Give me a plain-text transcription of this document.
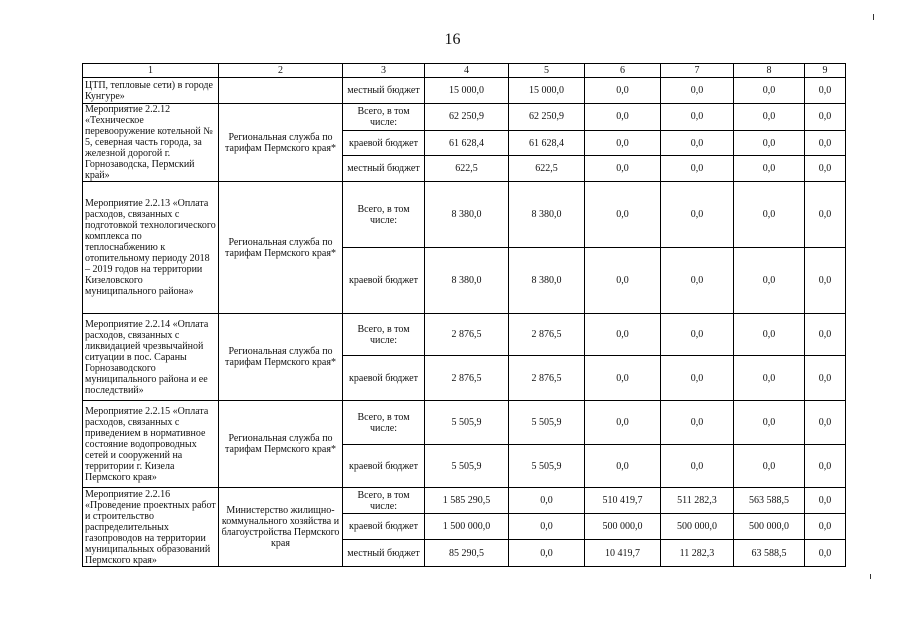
16
1	2	3	4	5	6	7	8	9
ЦТП, тепловые сети) в городе Кунгуре»		местный бюджет	15 000,0	15 000,0	0,0	0,0	0,0	0,0
Мероприятие 2.2.12 «Техническое перевооружение котельной № 5, северная часть города, за железной дорогой г. Горнозаводска, Пермский край»	Региональная служба по тарифам Пермского края*	Всего, в том числе:	62 250,9	62 250,9	0,0	0,0	0,0	0,0
		краевой бюджет	61 628,4	61 628,4	0,0	0,0	0,0	0,0
		местный бюджет	622,5	622,5	0,0	0,0	0,0	0,0
Мероприятие 2.2.13 «Оплата расходов, связанных с подготовкой технологического комплекса по теплоснабжению к отопительному периоду 2018 – 2019 годов на территории Кизеловского муниципального района»	Региональная служба по тарифам Пермского края*	Всего, в том числе:	8 380,0	8 380,0	0,0	0,0	0,0	0,0
		краевой бюджет	8 380,0	8 380,0	0,0	0,0	0,0	0,0
Мероприятие 2.2.14 «Оплата расходов, связанных с ликвидацией чрезвычайной ситуации в пос. Сараны Горнозаводского муниципального района и ее последствий»	Региональная служба по тарифам Пермского края*	Всего, в том числе:	2 876,5	2 876,5	0,0	0,0	0,0	0,0
		краевой бюджет	2 876,5	2 876,5	0,0	0,0	0,0	0,0
Мероприятие 2.2.15 «Оплата расходов, связанных с приведением в нормативное состояние водопроводных сетей и сооружений на территории г. Кизела Пермского края»	Региональная служба по тарифам Пермского края*	Всего, в том числе:	5 505,9	5 505,9	0,0	0,0	0,0	0,0
		краевой бюджет	5 505,9	5 505,9	0,0	0,0	0,0	0,0
Мероприятие 2.2.16 «Проведение проектных работ и строительство распределительных газопроводов на территории муниципальных образований Пермского края»	Министерство жилищно-коммунального хозяйства и благоустройства Пермского края	Всего, в том числе:	1 585 290,5	0,0	510 419,7	511 282,3	563 588,5	0,0
		краевой бюджет	1 500 000,0	0,0	500 000,0	500 000,0	500 000,0	0,0
		местный бюджет	85 290,5	0,0	10 419,7	11 282,3	63 588,5	0,0
